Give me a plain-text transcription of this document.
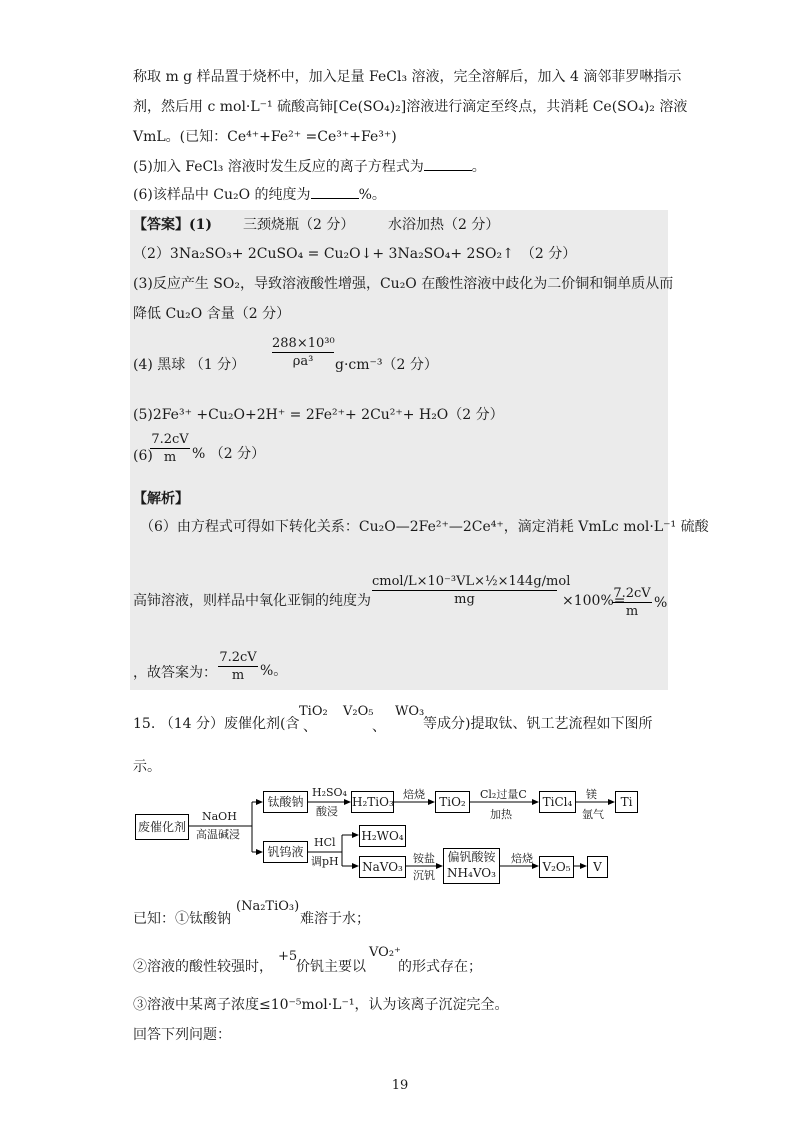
称取 m g 样品置于烧杯中，加入足量 FeCl₃ 溶液，完全溶解后，加入 4 滴邻菲罗啉指示
剂，然后用 c mol·L⁻¹ 硫酸高铈[Ce(SO₄)₂]溶液进行滴定至终点，共消耗 Ce(SO₄)₂ 溶液
VmL。(已知：Ce⁴⁺+Fe²⁺ =Ce³⁺+Fe³⁺)
(5)加入 FeCl₃ 溶液时发生反应的离子方程式为	。
(6)该样品中 Cu₂O 的纯度为	%。
【答案】(1) 三颈烧瓶（2 分） 水浴加热（2 分）
（2）3Na₂SO₃+ 2CuSO₄ = Cu₂O↓+ 3Na₂SO₄+ 2SO₂↑　（2 分）
(3)反应产生 SO₂，导致溶液酸性增强，Cu₂O 在酸性溶液中歧化为二价铜和铜单质从而
降低 Cu₂O 含量（2 分）
(4) 黑球 （1 分）
288×10³⁰
ρa³	g·cm⁻³（2 分）
(5)2Fe³⁺ +Cu₂O+2H⁺ = 2Fe²⁺+ 2Cu²⁺+ H₂O（2 分）
(6)
7.2cV
m	% （2 分）
【解析】
（6）由方程式可得如下转化关系：Cu₂O—2Fe²⁺—2Ce⁴⁺，滴定消耗 VmLc mol·L⁻¹ 硫酸
高铈溶液，则样品中氧化亚铜的纯度为
cmol/L×10⁻³VL×½×144g/mol
mg	×100%=
7.2cV
m
%
，故答案为：
7.2cV
m	%。
15. （14 分）废催化剂(含
TiO₂
、
V₂O₅
、
WO₃
等成分)提取钛、钒工艺流程如下图所
示。
废催化剂
NaOH
高温碱浸
钛酸钠
H₂SO₄
酸浸
H₂TiO₃
焙烧
TiO₂
Cl₂过量C
加热
TiCl₄
镁
氩气
Ti
钒钨液
HCl
调pH
H₂WO₄
NaVO₃
铵盐
沉钒
偏钒酸铵
NH₄VO₃
焙烧
V₂O₅	V
已知：①钛酸钠
(Na₂TiO₃)
难溶于水；
②溶液的酸性较强时，
+5
价钒主要以
VO₂⁺
的形式存在；
③溶液中某离子浓度≤10⁻⁵mol·L⁻¹，认为该离子沉淀完全。
回答下列问题：
19
